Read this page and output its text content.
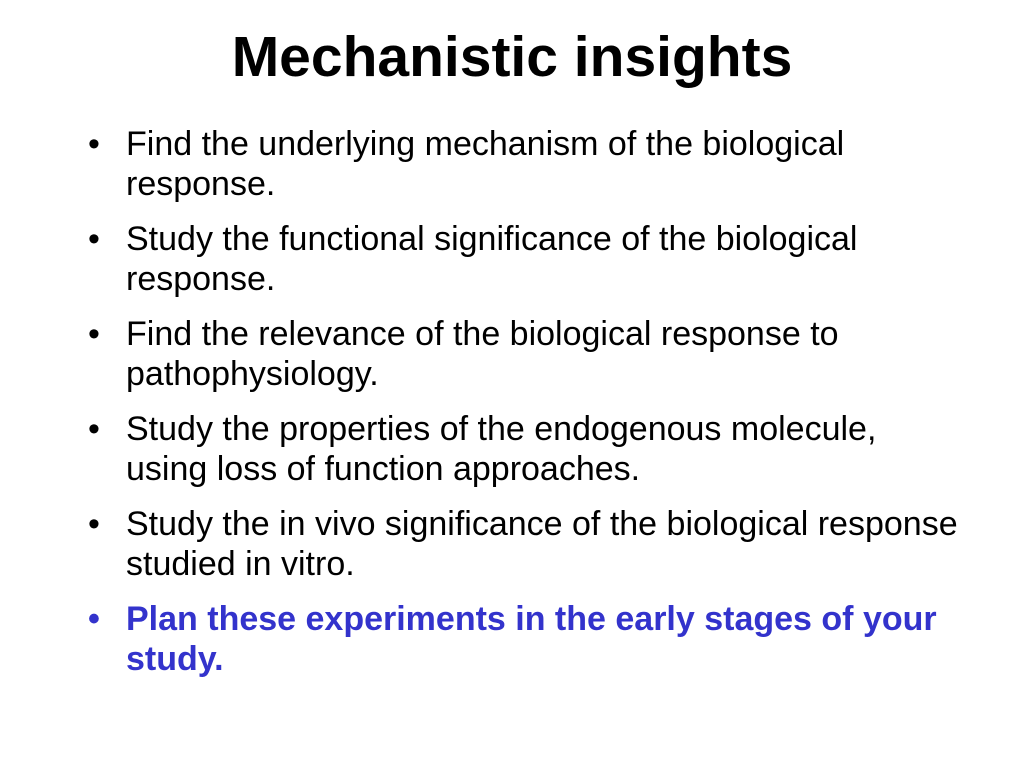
Mechanistic insights
• Find the underlying mechanism of the biological response.
• Study the functional significance of the biological response.
• Find the relevance of the biological response to pathophysiology.
• Study the properties of the endogenous molecule, using loss of function approaches.
• Study the in vivo significance of the biological response studied in vitro.
• Plan these experiments in the early stages of your study.
